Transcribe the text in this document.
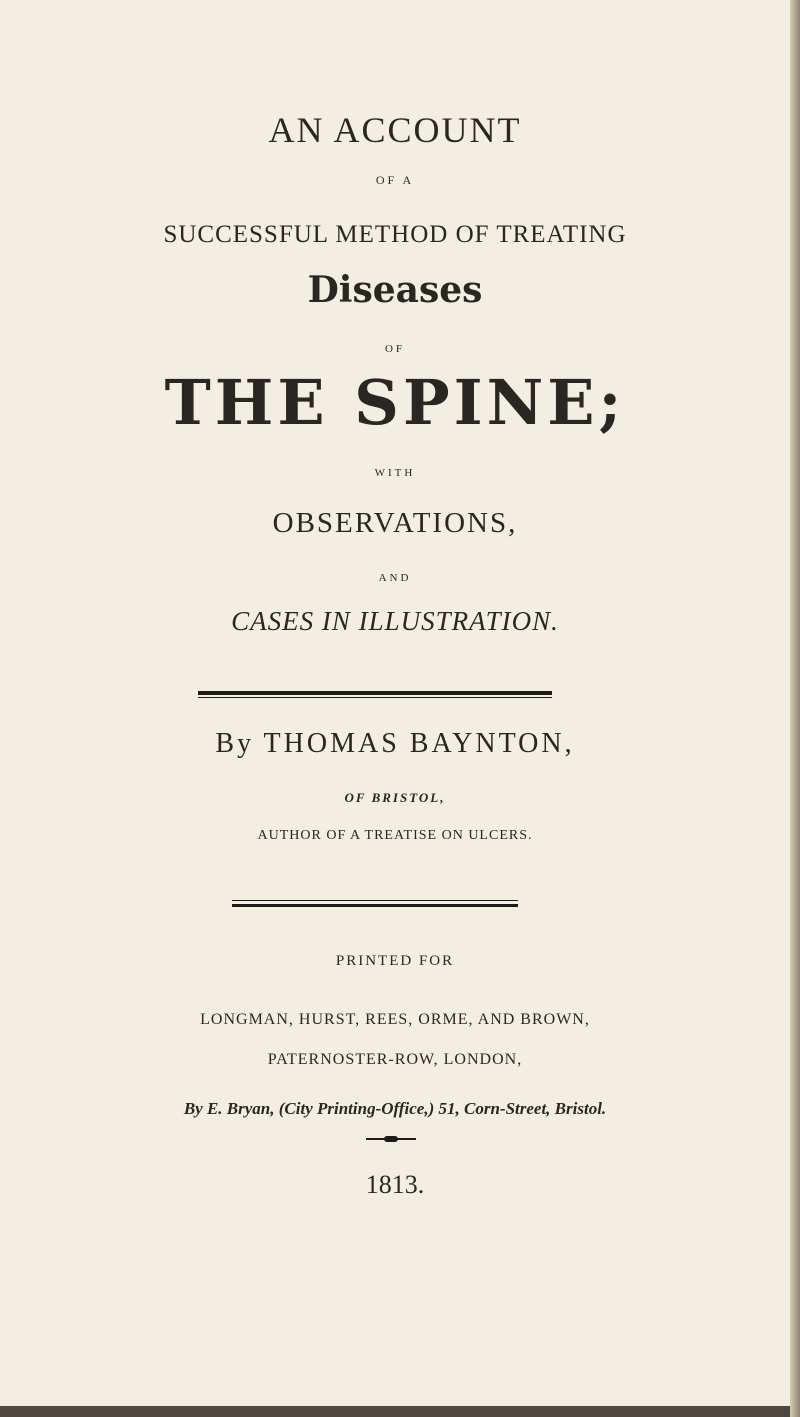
AN ACCOUNT
OF A
SUCCESSFUL METHOD OF TREATING
Diseases
OF
THE SPINE;
WITH
OBSERVATIONS,
AND
CASES IN ILLUSTRATION.
By THOMAS BAYNTON,
OF BRISTOL,
AUTHOR OF A TREATISE ON ULCERS.
PRINTED FOR
LONGMAN, HURST, REES, ORME, AND BROWN,
PATERNOSTER-ROW, LONDON,
By E. Bryan, (City Printing-Office,) 51, Corn-Street, Bristol.
1813.
